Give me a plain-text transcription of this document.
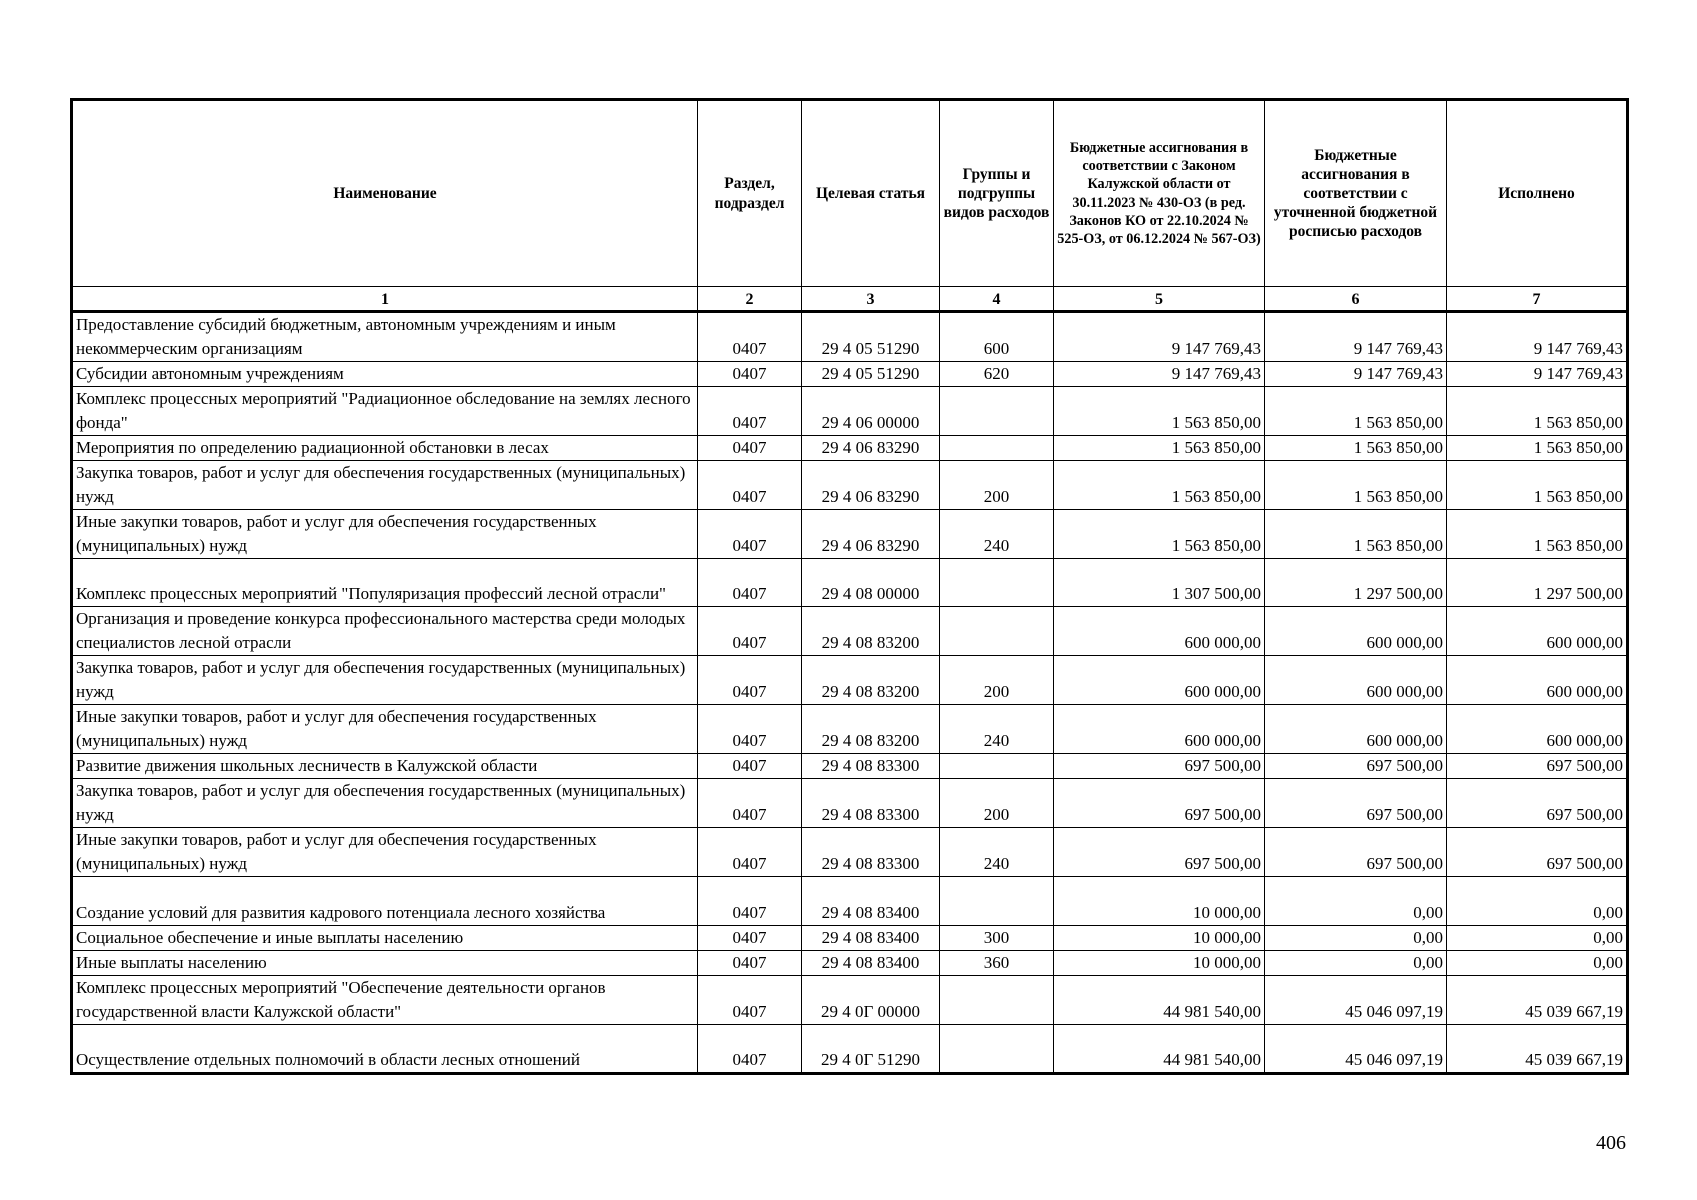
Наименование	Раздел, подраздел	Целевая статья	Группы и подгруппы видов расходов	Бюджетные ассигнования в соответствии с Законом Калужской области от 30.11.2023 № 430-ОЗ (в ред. Законов КО от 22.10.2024 № 525-ОЗ, от 06.12.2024 № 567-ОЗ)	Бюджетные ассигнования в соответствии с уточненной бюджетной росписью расходов	Исполнено
1	2	3	4	5	6	7
Предоставление субсидий бюджетным, автономным учреждениям и иным некоммерческим организациям	0407	29 4 05 51290	600	9 147 769,43	9 147 769,43	9 147 769,43
Субсидии автономным учреждениям	0407	29 4 05 51290	620	9 147 769,43	9 147 769,43	9 147 769,43
Комплекс процессных мероприятий "Радиационное обследование на землях лесного фонда"	0407	29 4 06 00000		1 563 850,00	1 563 850,00	1 563 850,00
Мероприятия по определению радиационной обстановки в лесах	0407	29 4 06 83290		1 563 850,00	1 563 850,00	1 563 850,00
Закупка товаров, работ и услуг для обеспечения государственных (муниципальных) нужд	0407	29 4 06 83290	200	1 563 850,00	1 563 850,00	1 563 850,00
Иные закупки товаров, работ и услуг для обеспечения государственных (муниципальных) нужд	0407	29 4 06 83290	240	1 563 850,00	1 563 850,00	1 563 850,00
Комплекс процессных мероприятий "Популяризация профессий лесной отрасли"	0407	29 4 08 00000		1 307 500,00	1 297 500,00	1 297 500,00
Организация и проведение конкурса профессионального мастерства среди молодых специалистов лесной отрасли	0407	29 4 08 83200		600 000,00	600 000,00	600 000,00
Закупка товаров, работ и услуг для обеспечения государственных (муниципальных) нужд	0407	29 4 08 83200	200	600 000,00	600 000,00	600 000,00
Иные закупки товаров, работ и услуг для обеспечения государственных (муниципальных) нужд	0407	29 4 08 83200	240	600 000,00	600 000,00	600 000,00
Развитие движения школьных лесничеств в Калужской области	0407	29 4 08 83300		697 500,00	697 500,00	697 500,00
Закупка товаров, работ и услуг для обеспечения государственных (муниципальных) нужд	0407	29 4 08 83300	200	697 500,00	697 500,00	697 500,00
Иные закупки товаров, работ и услуг для обеспечения государственных (муниципальных) нужд	0407	29 4 08 83300	240	697 500,00	697 500,00	697 500,00
Создание условий для развития кадрового потенциала лесного хозяйства	0407	29 4 08 83400		10 000,00	0,00	0,00
Социальное обеспечение и иные выплаты населению	0407	29 4 08 83400	300	10 000,00	0,00	0,00
Иные выплаты населению	0407	29 4 08 83400	360	10 000,00	0,00	0,00
Комплекс процессных мероприятий "Обеспечение деятельности органов государственной власти Калужской области"	0407	29 4 0Г 00000		44 981 540,00	45 046 097,19	45 039 667,19
Осуществление отдельных полномочий в области лесных отношений	0407	29 4 0Г 51290		44 981 540,00	45 046 097,19	45 039 667,19
406
